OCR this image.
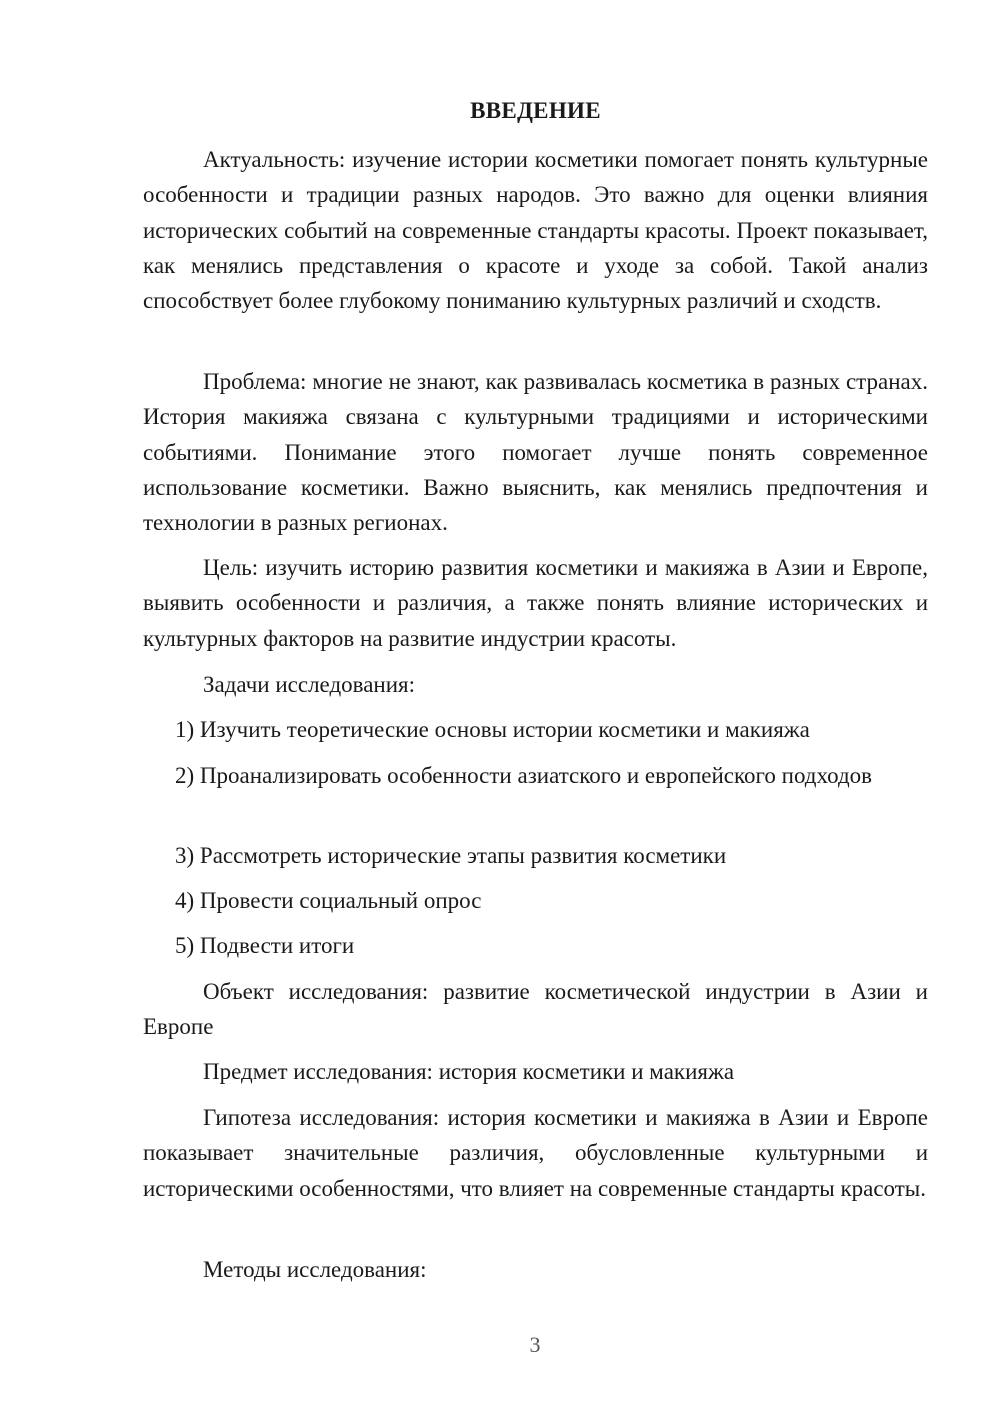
ВВЕДЕНИЕ

Актуальность: изучение истории косметики помогает понять культурные особенности и традиции разных народов. Это важно для оценки влияния исторических событий на современные стандарты красоты. Проект показывает, как менялись представления о красоте и уходе за собой. Такой анализ способствует более глубокому пониманию культурных различий и сходств.

Проблема: многие не знают, как развивалась косметика в разных странах. История макияжа связана с культурными традициями и историческими событиями. Понимание этого помогает лучше понять современное использование косметики. Важно выяснить, как менялись предпочтения и технологии в разных регионах.

Цель: изучить историю развития косметики и макияжа в Азии и Европе, выявить особенности и различия, а также понять влияние исторических и культурных факторов на развитие индустрии красоты.

Задачи исследования:

1) Изучить теоретические основы истории косметики и макияжа

2) Проанализировать особенности азиатского и европейского подходов

3) Рассмотреть исторические этапы развития косметики

4) Провести социальный опрос

5) Подвести итоги

Объект исследования: развитие косметической индустрии в Азии и Европе

Предмет исследования: история косметики и макияжа

Гипотеза исследования: история косметики и макияжа в Азии и Европе показывает значительные различия, обусловленные культурными и историческими особенностями, что влияет на современные стандарты красоты.

Методы исследования:

3
